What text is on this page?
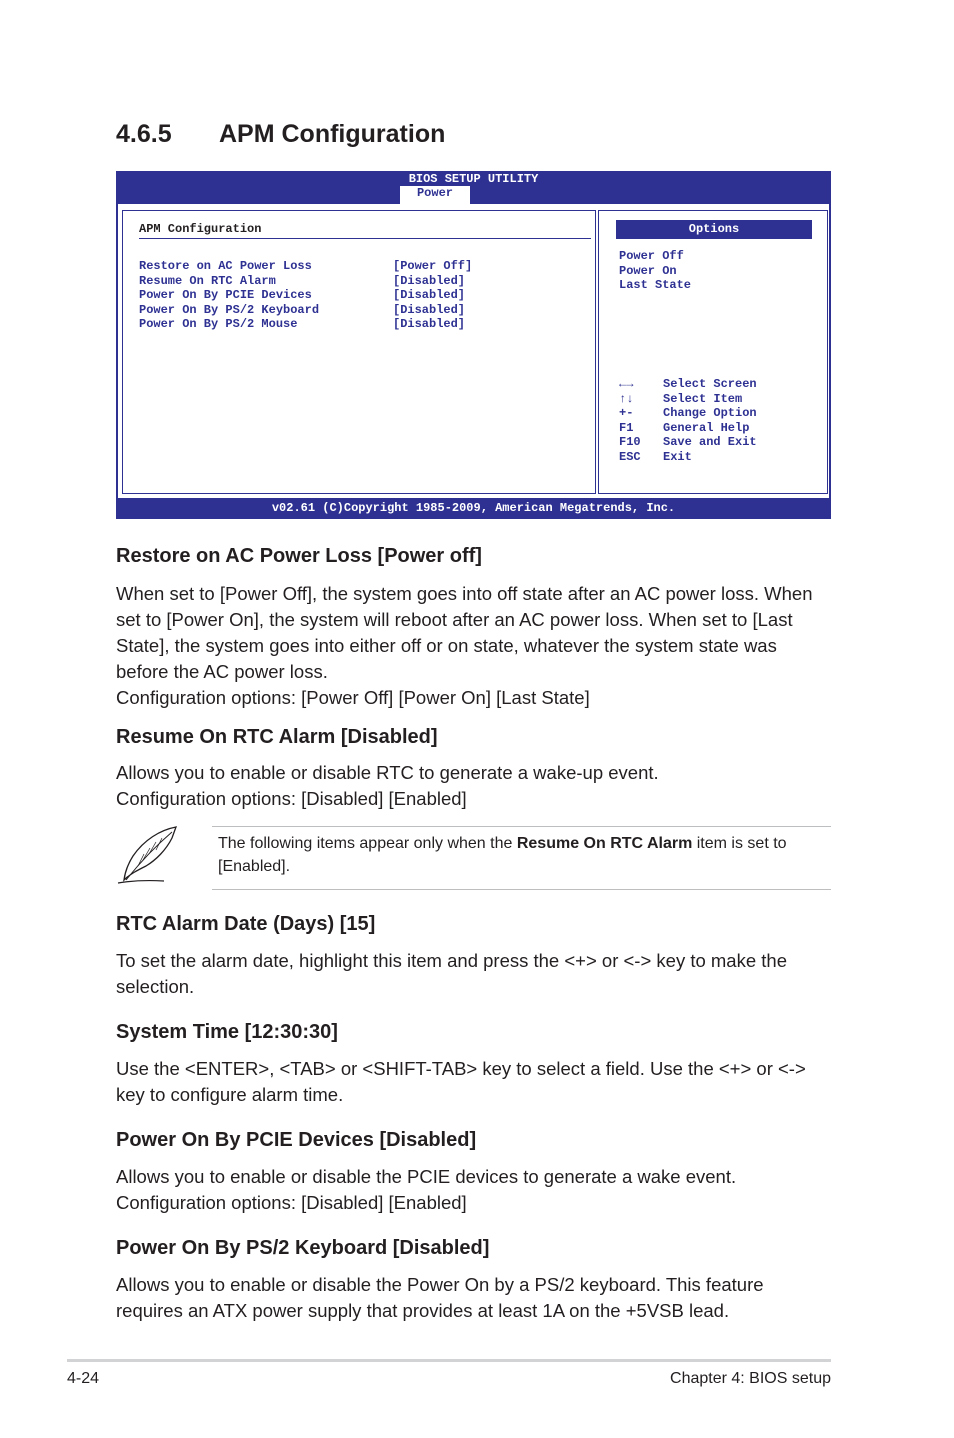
4.6.5 APM Configuration
BIOS SETUP UTILITY
Power
APM Configuration
Restore on AC Power Loss	[Power Off]
Resume On RTC Alarm	[Disabled]
Power On By PCIE Devices	[Disabled]
Power On By PS/2 Keyboard	[Disabled]
Power On By PS/2 Mouse	[Disabled]
Options
Power Off
Power On
Last State
←→	Select Screen
↑↓	Select Item
+-	Change Option
F1	General Help
F10	Save and Exit
ESC	Exit
v02.61 (C)Copyright 1985-2009, American Megatrends, Inc.
Restore on AC Power Loss [Power off]
When set to [Power Off], the system goes into off state after an AC power loss. When set to [Power On], the system will reboot after an AC power loss. When set to [Last State], the system goes into either off or on state, whatever the system state was before the AC power loss.
Configuration options: [Power Off] [Power On] [Last State]
Resume On RTC Alarm [Disabled]
Allows you to enable or disable RTC to generate a wake-up event.
Configuration options: [Disabled] [Enabled]
The following items appear only when the Resume On RTC Alarm item is set to [Enabled].
RTC Alarm Date (Days) [15]
To set the alarm date, highlight this item and press the <+> or <-> key to make the selection.
System Time [12:30:30]
Use the <ENTER>, <TAB> or <SHIFT-TAB> key to select a field. Use the <+> or <-> key to configure alarm time.
Power On By PCIE Devices [Disabled]
Allows you to enable or disable the PCIE devices to generate a wake event.
Configuration options: [Disabled] [Enabled]
Power On By PS/2 Keyboard [Disabled]
Allows you to enable or disable the Power On by a PS/2 keyboard. This feature requires an ATX power supply that provides at least 1A on the +5VSB lead.
4-24	Chapter 4: BIOS setup
